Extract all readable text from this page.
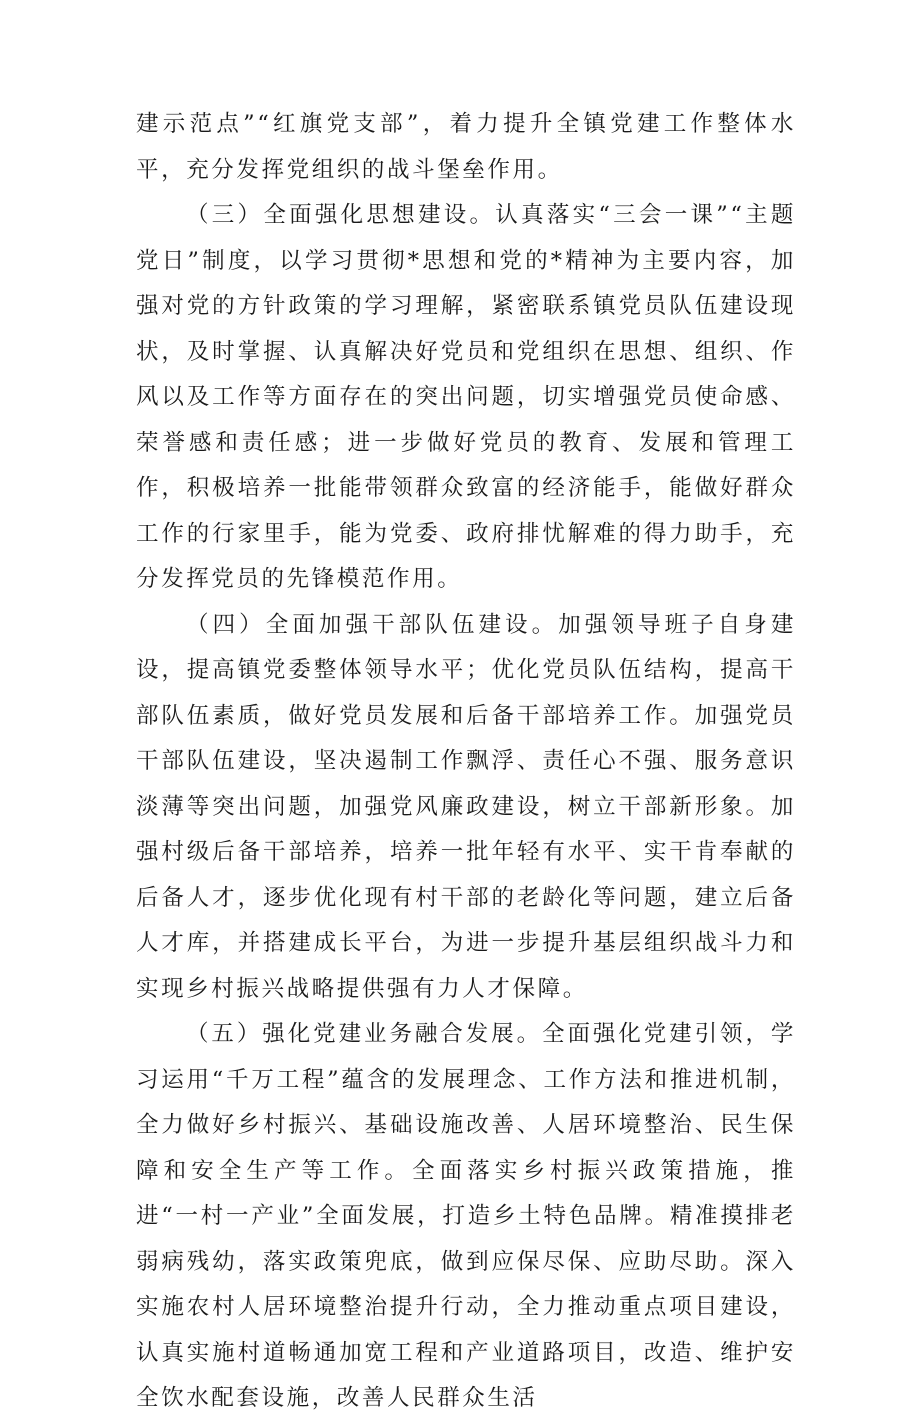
建示范点”“红旗党支部”，着力提升全镇党建工作整体水平，充分发挥党组织的战斗堡垒作用。

（三）全面强化思想建设。认真落实“三会一课”“主题党日”制度，以学习贯彻*思想和党的*精神为主要内容，加强对党的方针政策的学习理解，紧密联系镇党员队伍建设现状，及时掌握、认真解决好党员和党组织在思想、组织、作风以及工作等方面存在的突出问题，切实增强党员使命感、荣誉感和责任感；进一步做好党员的教育、发展和管理工作，积极培养一批能带领群众致富的经济能手，能做好群众工作的行家里手，能为党委、政府排忧解难的得力助手，充分发挥党员的先锋模范作用。

（四）全面加强干部队伍建设。加强领导班子自身建设，提高镇党委整体领导水平；优化党员队伍结构，提高干部队伍素质，做好党员发展和后备干部培养工作。加强党员干部队伍建设，坚决遏制工作飘浮、责任心不强、服务意识淡薄等突出问题，加强党风廉政建设，树立干部新形象。加强村级后备干部培养，培养一批年轻有水平、实干肯奉献的后备人才，逐步优化现有村干部的老龄化等问题，建立后备人才库，并搭建成长平台，为进一步提升基层组织战斗力和实现乡村振兴战略提供强有力人才保障。

（五）强化党建业务融合发展。全面强化党建引领，学习运用“千万工程”蕴含的发展理念、工作方法和推进机制，全力做好乡村振兴、基础设施改善、人居环境整治、民生保障和安全生产等工作。全面落实乡村振兴政策措施，推进“一村一产业”全面发展，打造乡土特色品牌。精准摸排老弱病残幼，落实政策兜底，做到应保尽保、应助尽助。深入实施农村人居环境整治提升行动，全力推动重点项目建设，认真实施村道畅通加宽工程和产业道路项目，改造、维护安全饮水配套设施，改善人民群众生活
